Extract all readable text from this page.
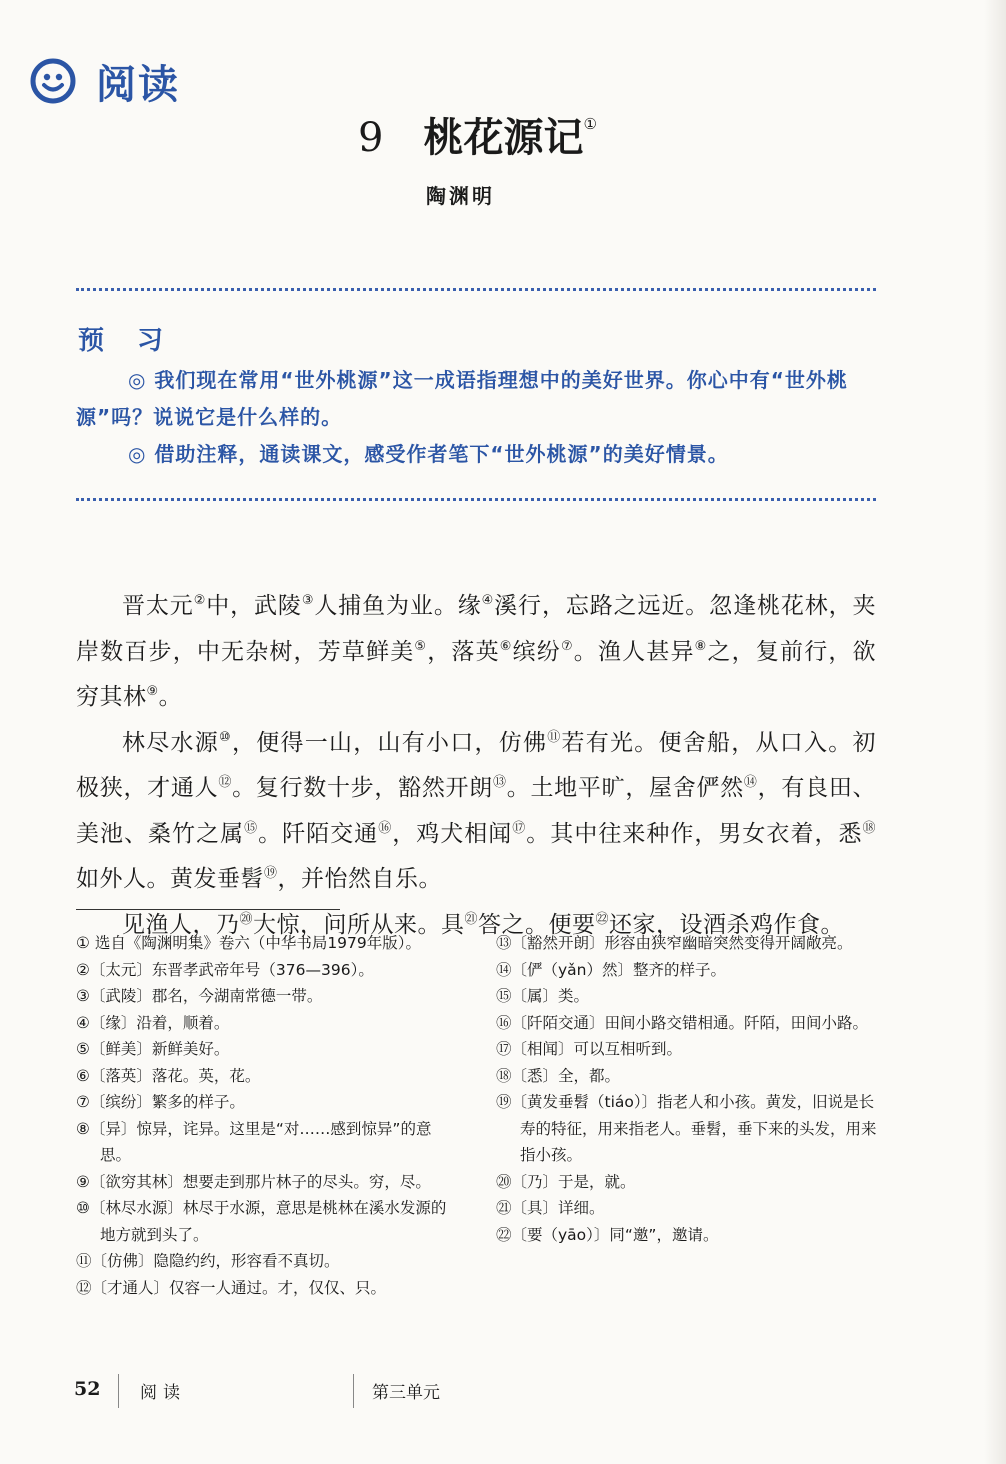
阅读
9 桃花源记①
陶渊明
预 习

◎ 我们现在常用“世外桃源”这一成语指理想中的美好世界。你心中有“世外桃源”吗？说说它是什么样的。

◎ 借助注释，通读课文，感受作者笔下“世外桃源”的美好情景。

晋太元②中，武陵③人捕鱼为业。缘④溪行，忘路之远近。忽逢桃花林，夹岸数百步，中无杂树，芳草鲜美⑤，落英⑥缤纷⑦。渔人甚异⑧之，复前行，欲穷其林⑨。

林尽水源⑩，便得一山，山有小口，仿佛⑪若有光。便舍船，从口入。初极狭，才通人⑫。复行数十步，豁然开朗⑬。土地平旷，屋舍俨然⑭，有良田、美池、桑竹之属⑮。阡陌交通⑯，鸡犬相闻⑰。其中往来种作，男女衣着，悉⑱如外人。黄发垂髫⑲，并怡然自乐。

见渔人，乃⑳大惊，问所从来。具$^㉑$答之。便要$^㉒$还家，设酒杀鸡作食。

① 选自《陶渊明集》卷六（中华书局1979年版）。
②〔太元〕东晋孝武帝年号（376—396）。
③〔武陵〕郡名，今湖南常德一带。
④〔缘〕沿着，顺着。
⑤〔鲜美〕新鲜美好。
⑥〔落英〕落花。英，花。
⑦〔缤纷〕繁多的样子。
⑧〔异〕惊异，诧异。这里是“对……感到惊异”的意思。
⑨〔欲穷其林〕想要走到那片林子的尽头。穷，尽。
⑩〔林尽水源〕林尽于水源，意思是桃林在溪水发源的地方就到头了。
⑪〔仿佛〕隐隐约约，形容看不真切。
⑫〔才通人〕仅容一人通过。才，仅仅、只。
⑬〔豁然开朗〕形容由狭窄幽暗突然变得开阔敞亮。
⑭〔俨（yǎn）然〕整齐的样子。
⑮〔属〕类。
⑯〔阡陌交通〕田间小路交错相通。阡陌，田间小路。
⑰〔相闻〕可以互相听到。
⑱〔悉〕全，都。
⑲〔黄发垂髫（tiáo）〕指老人和小孩。黄发，旧说是长寿的特征，用来指老人。垂髫，垂下来的头发，用来指小孩。
⑳〔乃〕于是，就。
㉑〔具〕详细。
㉒〔要（yāo）〕同“邀”，邀请。
52 阅读	第三单元
